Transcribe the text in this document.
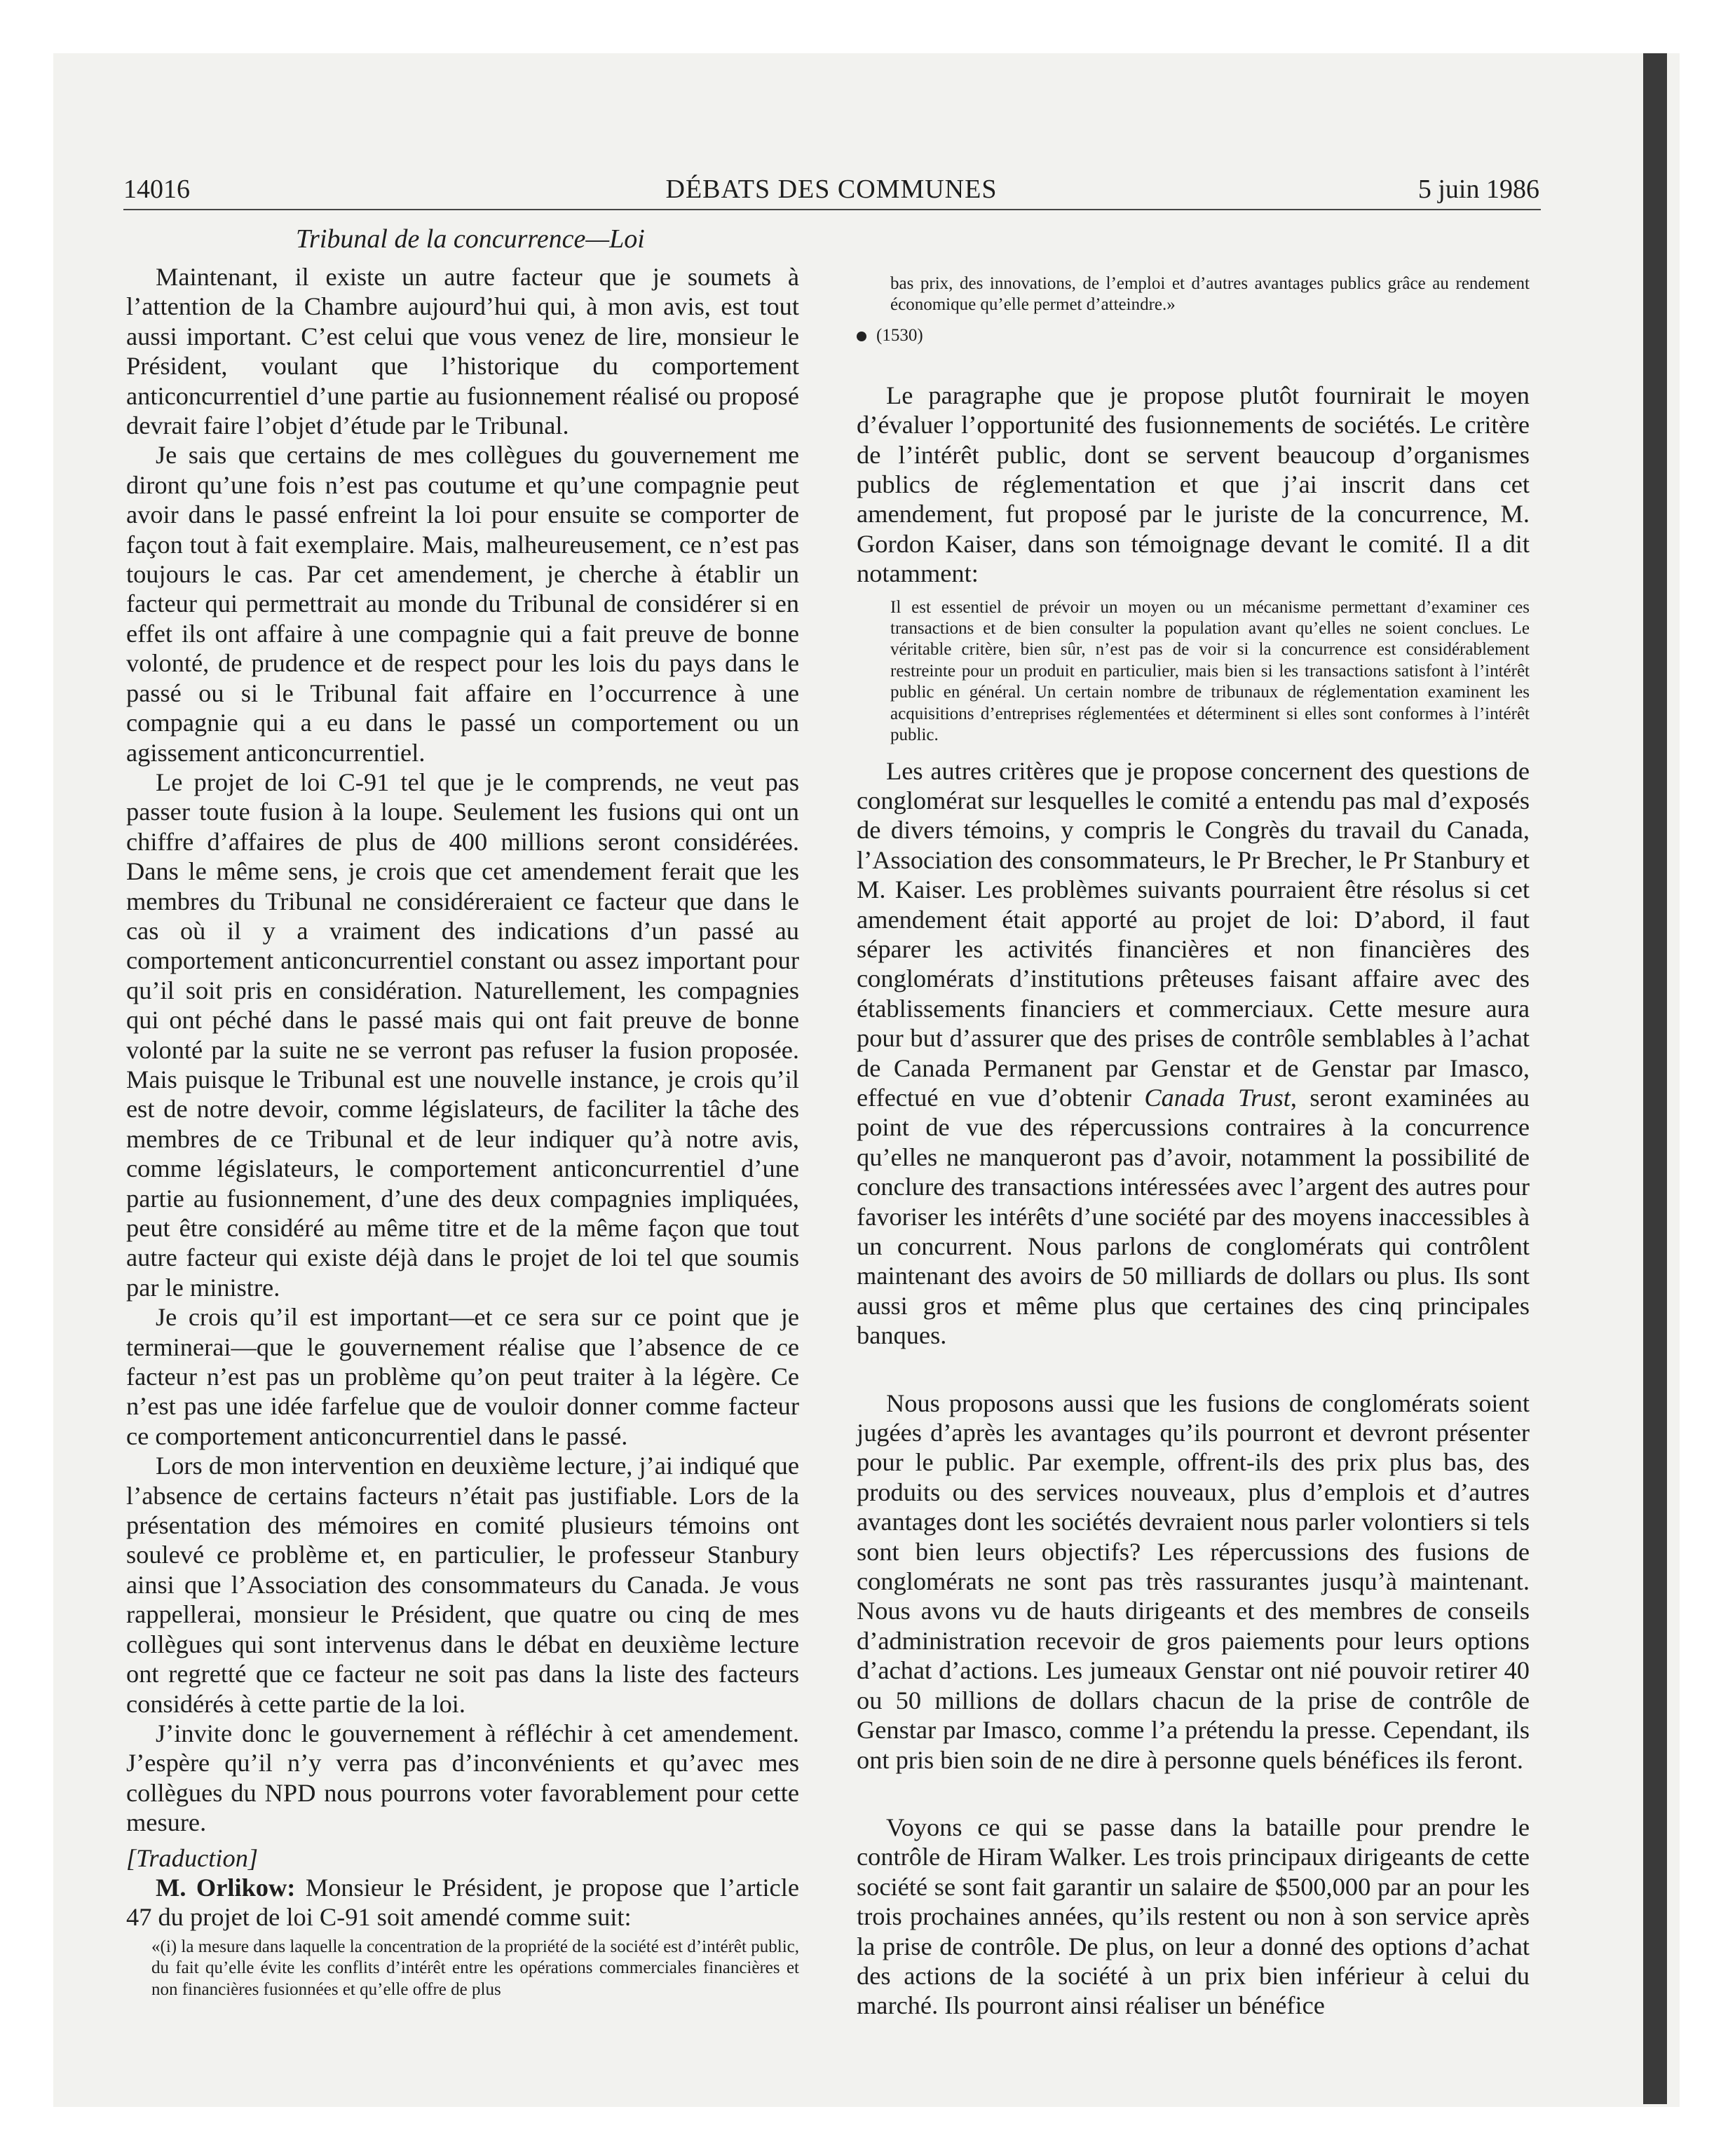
DÉBATS DES COMMUNES
14016	5 juin 1986

Tribunal de la concurrence—Loi

Maintenant, il existe un autre facteur que je soumets à l’attention de la Chambre aujourd’hui qui, à mon avis, est tout aussi important. C’est celui que vous venez de lire, monsieur le Président, voulant que l’historique du comportement anticoncurrentiel d’une partie au fusionnement réalisé ou proposé devrait faire l’objet d’étude par le Tribunal.

Je sais que certains de mes collègues du gouvernement me diront qu’une fois n’est pas coutume et qu’une compagnie peut avoir dans le passé enfreint la loi pour ensuite se comporter de façon tout à fait exemplaire. Mais, malheureusement, ce n’est pas toujours le cas. Par cet amendement, je cherche à établir un facteur qui permettrait au monde du Tribunal de considérer si en effet ils ont affaire à une compagnie qui a fait preuve de bonne volonté, de prudence et de respect pour les lois du pays dans le passé ou si le Tribunal fait affaire en l’occurrence à une compagnie qui a eu dans le passé un comportement ou un agissement anticoncurrentiel.

Le projet de loi C-91 tel que je le comprends, ne veut pas passer toute fusion à la loupe. Seulement les fusions qui ont un chiffre d’affaires de plus de 400 millions seront considérées. Dans le même sens, je crois que cet amendement ferait que les membres du Tribunal ne considéreraient ce facteur que dans le cas où il y a vraiment des indications d’un passé au comportement anticoncurrentiel constant ou assez important pour qu’il soit pris en considération. Naturellement, les compagnies qui ont péché dans le passé mais qui ont fait preuve de bonne volonté par la suite ne se verront pas refuser la fusion proposée. Mais puisque le Tribunal est une nouvelle instance, je crois qu’il est de notre devoir, comme législateurs, de faciliter la tâche des membres de ce Tribunal et de leur indiquer qu’à notre avis, comme législateurs, le comportement anticoncurrentiel d’une partie au fusionnement, d’une des deux compagnies impliquées, peut être considéré au même titre et de la même façon que tout autre facteur qui existe déjà dans le projet de loi tel que soumis par le ministre.

Je crois qu’il est important—et ce sera sur ce point que je terminerai—que le gouvernement réalise que l’absence de ce facteur n’est pas un problème qu’on peut traiter à la légère. Ce n’est pas une idée farfelue que de vouloir donner comme facteur ce comportement anticoncurrentiel dans le passé.

Lors de mon intervention en deuxième lecture, j’ai indiqué que l’absence de certains facteurs n’était pas justifiable. Lors de la présentation des mémoires en comité plusieurs témoins ont soulevé ce problème et, en particulier, le professeur Stanbury ainsi que l’Association des consommateurs du Canada. Je vous rappellerai, monsieur le Président, que quatre ou cinq de mes collègues qui sont intervenus dans le débat en deuxième lecture ont regretté que ce facteur ne soit pas dans la liste des facteurs considérés à cette partie de la loi.

J’invite donc le gouvernement à réfléchir à cet amendement. J’espère qu’il n’y verra pas d’inconvénients et qu’avec mes collègues du NPD nous pourrons voter favorablement pour cette mesure.

[Traduction]

M. Orlikow: Monsieur le Président, je propose que l’article 47 du projet de loi C-91 soit amendé comme suit:

«(i) la mesure dans laquelle la concentration de la propriété de la société est d’intérêt public, du fait qu’elle évite les conflits d’intérêt entre les opérations commerciales financières et non financières fusionnées et qu’elle offre de plus

bas prix, des innovations, de l’emploi et d’autres avantages publics grâce au rendement économique qu’elle permet d’atteindre.»

(1530)

Le paragraphe que je propose plutôt fournirait le moyen d’évaluer l’opportunité des fusionnements de sociétés. Le critère de l’intérêt public, dont se servent beaucoup d’organismes publics de réglementation et que j’ai inscrit dans cet amendement, fut proposé par le juriste de la concurrence, M. Gordon Kaiser, dans son témoignage devant le comité. Il a dit notamment:

Il est essentiel de prévoir un moyen ou un mécanisme permettant d’examiner ces transactions et de bien consulter la population avant qu’elles ne soient conclues. Le véritable critère, bien sûr, n’est pas de voir si la concurrence est considérablement restreinte pour un produit en particulier, mais bien si les transactions satisfont à l’intérêt public en général. Un certain nombre de tribunaux de réglementation examinent les acquisitions d’entreprises réglementées et déterminent si elles sont conformes à l’intérêt public.

Les autres critères que je propose concernent des questions de conglomérat sur lesquelles le comité a entendu pas mal d’exposés de divers témoins, y compris le Congrès du travail du Canada, l’Association des consommateurs, le Pr Brecher, le Pr Stanbury et M. Kaiser. Les problèmes suivants pourraient être résolus si cet amendement était apporté au projet de loi: D’abord, il faut séparer les activités financières et non financières des conglomérats d’institutions prêteuses faisant affaire avec des établissements financiers et commerciaux. Cette mesure aura pour but d’assurer que des prises de contrôle semblables à l’achat de Canada Permanent par Genstar et de Genstar par Imasco, effectué en vue d’obtenir Canada Trust, seront examinées au point de vue des répercussions contraires à la concurrence qu’elles ne manqueront pas d’avoir, notamment la possibilité de conclure des transactions intéressées avec l’argent des autres pour favoriser les intérêts d’une société par des moyens inaccessibles à un concurrent. Nous parlons de conglomérats qui contrôlent maintenant des avoirs de 50 milliards de dollars ou plus. Ils sont aussi gros et même plus que certaines des cinq principales banques.

Nous proposons aussi que les fusions de conglomérats soient jugées d’après les avantages qu’ils pourront et devront présenter pour le public. Par exemple, offrent-ils des prix plus bas, des produits ou des services nouveaux, plus d’emplois et d’autres avantages dont les sociétés devraient nous parler volontiers si tels sont bien leurs objectifs? Les répercussions des fusions de conglomérats ne sont pas très rassurantes jusqu’à maintenant. Nous avons vu de hauts dirigeants et des membres de conseils d’administration recevoir de gros paiements pour leurs options d’achat d’actions. Les jumeaux Genstar ont nié pouvoir retirer 40 ou 50 millions de dollars chacun de la prise de contrôle de Genstar par Imasco, comme l’a prétendu la presse. Cependant, ils ont pris bien soin de ne dire à personne quels bénéfices ils feront.

Voyons ce qui se passe dans la bataille pour prendre le contrôle de Hiram Walker. Les trois principaux dirigeants de cette société se sont fait garantir un salaire de $500,000 par an pour les trois prochaines années, qu’ils restent ou non à son service après la prise de contrôle. De plus, on leur a donné des options d’achat des actions de la société à un prix bien inférieur à celui du marché. Ils pourront ainsi réaliser un bénéfice
